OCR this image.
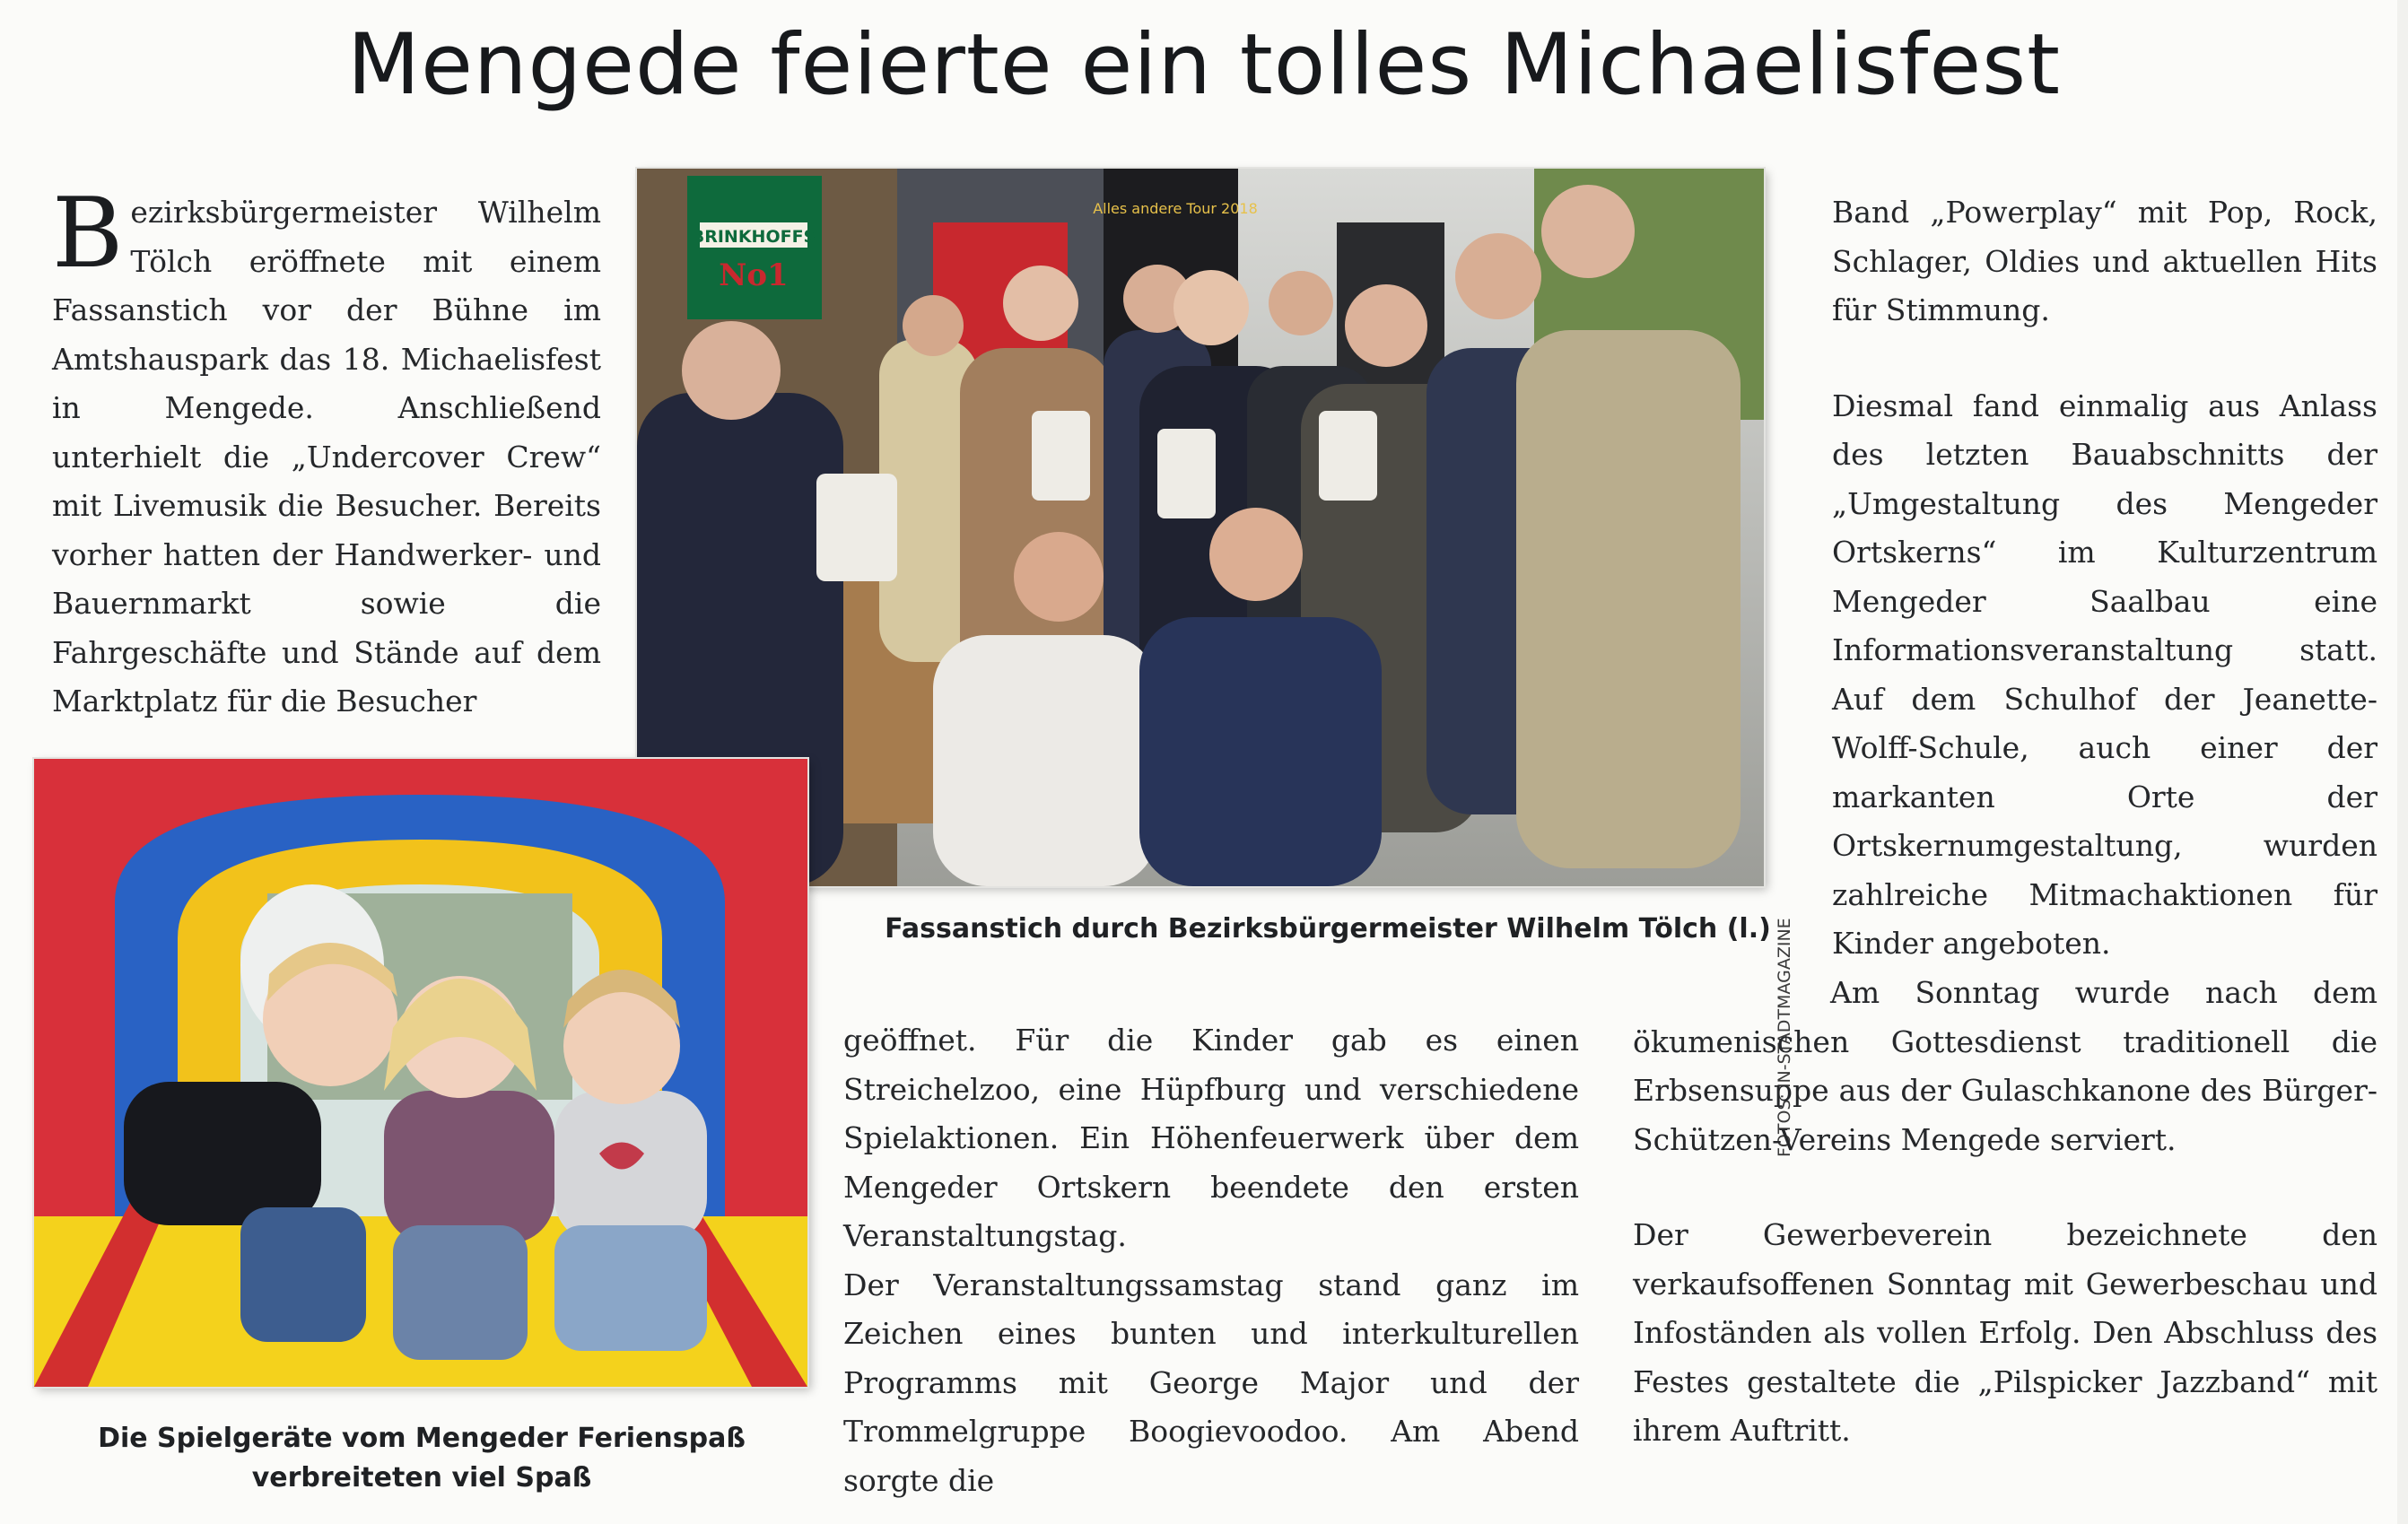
Mengede feierte ein tolles Michaelisfest

Bezirksbürgermeister Wilhelm Tölch eröffnete mit einem Fassanstich vor der Bühne im Amtshauspark das 18. Michaelisfest in Mengede. Anschließend unterhielt die „Undercover Crew“ mit Livemusik die Besucher. Bereits vorher hatten der Handwerker- und Bauernmarkt sowie die Fahrgeschäfte und Stände auf dem Marktplatz für die Besucher

BRINKHOFFS
No1
Alles andere Tour 2018
FOTOS: IN-STADTMAGAZINE
Fassanstich durch Bezirksbürgermeister Wilhelm Tölch (l.)
Die Spielgeräte vom Mengeder Ferienspaß
verbreiteten viel Spaß

geöffnet. Für die Kinder gab es einen Streichelzoo, eine Hüpfburg und verschiedene Spielaktionen. Ein Höhenfeuerwerk über dem Mengeder Ortskern beendete den ersten Veranstaltungstag.

Der Veranstaltungssamstag stand ganz im Zeichen eines bunten und interkulturellen Programms mit George Major und der Trommelgruppe Boogievoodoo. Am Abend sorgte die

Band „Powerplay“ mit Pop, Rock, Schlager, Oldies und aktuellen Hits für Stimmung.

Diesmal fand einmalig aus Anlass des letzten Bauabschnitts der „Umgestaltung des Mengeder Ortskerns“ im Kulturzentrum Mengeder Saalbau eine Informationsveranstaltung statt. Auf dem Schulhof der Jeanette-Wolff-Schule, auch einer der markanten Orte der Ortskernumgestaltung, wurden zahlreiche Mitmachaktionen für Kinder angeboten.

Am Sonntag wurde nach dem ökumenischen Gottesdienst traditionell die Erbsensuppe aus der Gulaschkanone des Bürger-Schützen-Vereins Mengede serviert.

Der Gewerbeverein bezeichnete den verkaufsoffenen Sonntag mit Gewerbeschau und Infoständen als vollen Erfolg. Den Abschluss des Festes gestaltete die „Pilspicker Jazzband“ mit ihrem Auftritt.
